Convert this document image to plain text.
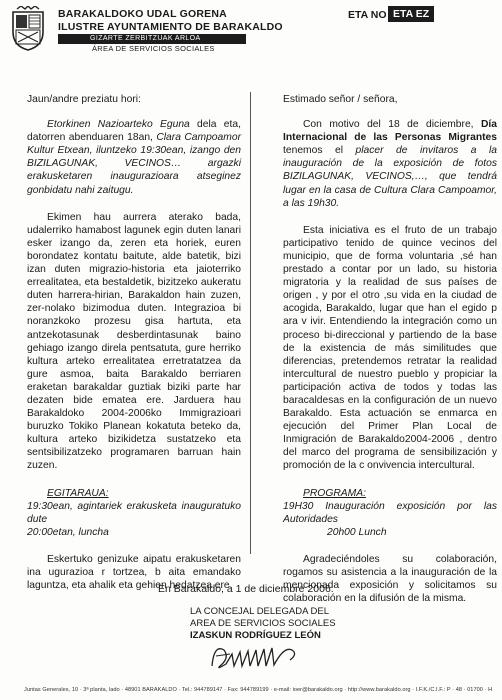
BARAKALDOKO UDAL GORENA
ILUSTRE AYUNTAMIENTO DE BARAKALDO
GIZARTE ZERBITZUAK ARLOA
ÁREA DE SERVICIOS SOCIALES
ETA NO ETA EZ

Jaun/andre preziatu hori:

Etorkinen Nazioarteko Eguna dela eta, datorren abenduaren 18an, Clara Campoamor Kultur Etxean, iluntzeko 19:30ean, izango den BIZILAGUNAK, VECINOS… argazki erakusketaren inaugurazioara atseginez gonbidatu nahi zaitugu.

Ekimen hau aurrera aterako bada, udalerriko hamabost lagunek egin duten lanari esker izango da, zeren eta horiek, euren borondatez kontatu baitute, alde batetik, bizi izan duten migrazio-historia eta jaioterriko errealitatea, eta bestaldetik, bizitzeko aukeratu duten harrera-hirian, Barakaldon hain zuzen, zer-nolako bizimodua duten. Integrazioa bi noranzkoko prozesu gisa hartuta, eta antzekotasunak desberdintasunak baino gehiago izango direla pentsatuta, gure herriko kultura arteko errealitatea erretratatzea da gure asmoa, baita Barakaldo berriaren eraketan barakaldar guztiak biziki parte har dezaten bide ematea ere. Jarduera hau Barakaldoko 2004-2006ko Immigrazioari buruzko Tokiko Planean kokatuta beteko da, kultura arteko bizikidetza sustatzeko eta sentsibilizatzeko programaren barruan hain zuzen.

EGITARAUA:

19:30ean, agintariek erakusketa inauguratuko dute

20:00etan, luncha

Eskertuko genizuke aipatu erakusketaren ina ugurazioa r tortzea, b aita emandako laguntza, eta ahalik eta gehien hedatzea ere.

Estimado señor / señora,

Con motivo del 18 de diciembre, Día Internacional de las Personas Migrantes tenemos el placer de invitaros a la inauguración de la exposición de fotos BIZILAGUNAK, VECINOS,…, que tendrá lugar en la casa de Cultura Clara Campoamor, a las 19h30.

Esta iniciativa es el fruto de un trabajo participativo tenido de quince vecinos del municipio, que de forma voluntaria ,sé han prestado a contar por un lado, su historia migratoria y la realidad de sus países de origen , y por el otro ,su vida en la ciudad de acogida, Barakaldo, lugar que han el egido p ara v ivir. Entendiendo la integración como un proceso bi-direccional y partiendo de la base de la existencia de más similitudes que diferencias, pretendemos retratar la realidad intercultural de nuestro pueblo y propiciar la participación activa de todos y todas las baracaldesas en la configuración de un nuevo Barakaldo. Esta actuación se enmarca en ejecución del Primer Plan Local de Inmigración de Barakaldo2004-2006 , dentro del marco del programa de sensibilización y promoción de la c onvivencia intercultural.

PROGRAMA:

19H30 Inauguración exposición por las Autoridades

20h00 Lunch

Agradeciéndoles su colaboración, rogamos su asistencia a la inauguración de la mencionada exposición y solicitamos su colaboración en la difusión de la misma.

En Barakaldo, a 1 de diciembre 2006.
LA CONCEJAL DELEGADA DEL
AREA DE SERVICIOS SOCIALES
IZASKUN RODRÍGUEZ LEÓN
Juntas Generales, 10 · 3ª planta, lado · 48901 BARAKALDO · Tel.: 944789147 · Fax: 944789199 · e-mail: ioer@barakaldo.org · http://www.barakaldo.org · I.F.K./C.I.F.: P · 48 · 01700 · H
